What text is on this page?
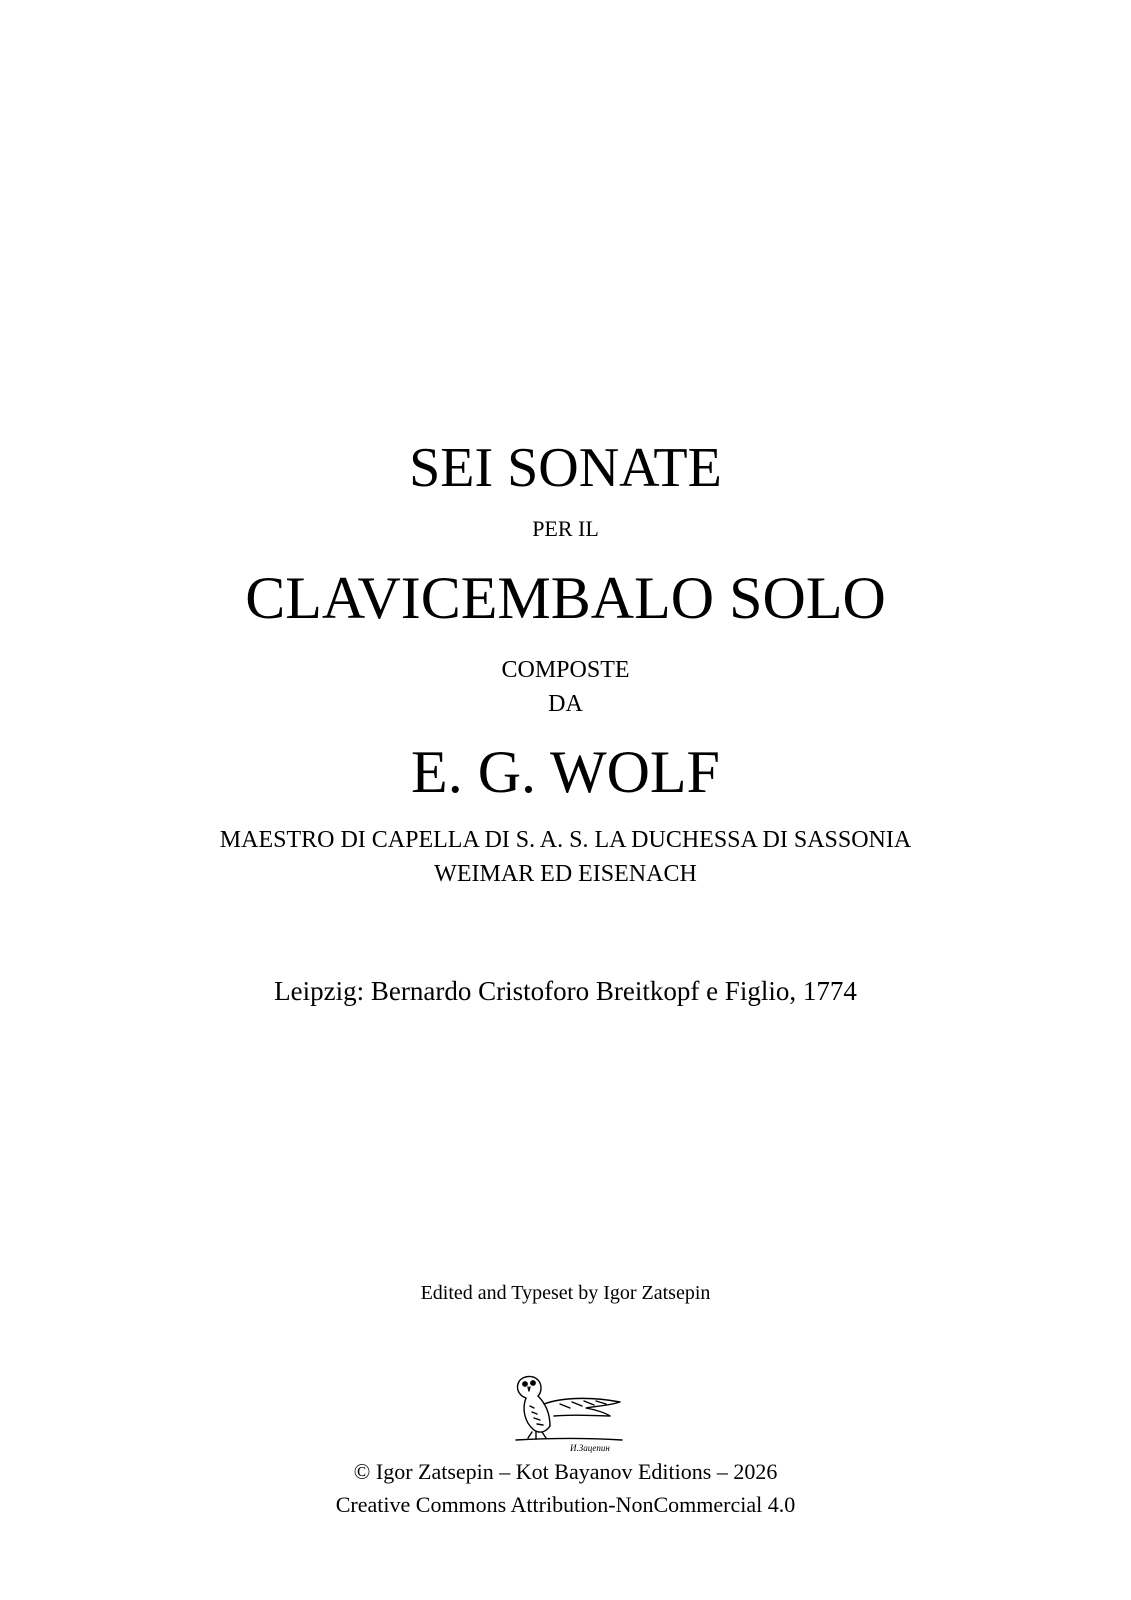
SEI SONATE
PER IL
CLAVICEMBALO SOLO
COMPOSTE
DA
E. G. WOLF
MAESTRO DI CAPELLA DI S. A. S. LA DUCHESSA DI SASSONIA
WEIMAR ED EISENACH
Leipzig: Bernardo Cristoforo Breitkopf e Figlio, 1774
Edited and Typeset by Igor Zatsepin
И.Зацепин
© Igor Zatsepin – Kot Bayanov Editions – 2026
Creative Commons Attribution-NonCommercial 4.0
